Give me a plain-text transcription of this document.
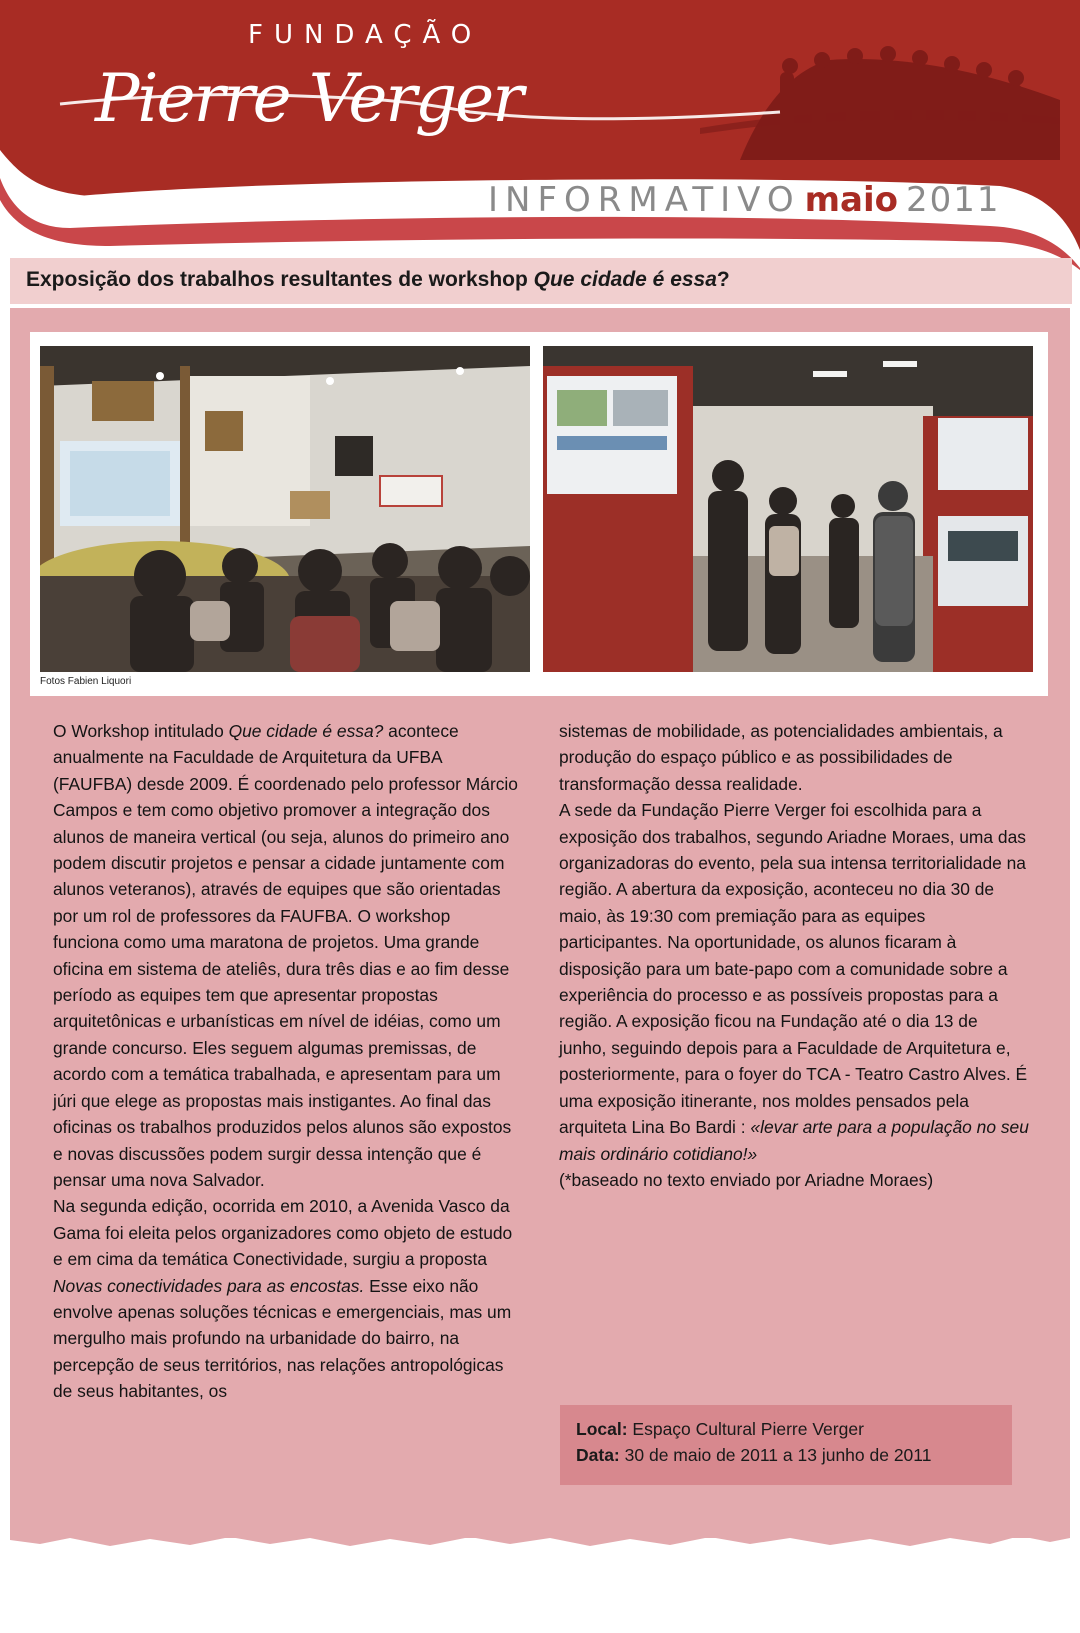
FUNDAÇÃO
Pierre Verger
INFORMATIVO maio 2011
Exposição dos trabalhos resultantes de workshop Que cidade é essa?
Fotos Fabien Liquori

O Workshop intitulado Que cidade é essa? acontece anualmente na Faculdade de Arquitetura da UFBA (FAUFBA) desde 2009. É coordenado pelo professor Márcio Campos e tem como objetivo promover a integração dos alunos de maneira vertical (ou seja, alunos do primeiro ano podem discutir projetos e pensar a cidade juntamente com alunos veteranos), através de equipes que são orientadas por um rol de professores da FAUFBA. O workshop funciona como uma maratona de projetos. Uma grande oficina em sistema de ateliês, dura três dias e ao fim desse período as equipes tem que apresentar propostas arquitetônicas e urbanísticas em nível de idéias, como um grande concurso. Eles seguem algumas premissas, de acordo com a temática trabalhada, e apresentam para um júri que elege as propostas mais instigantes. Ao final das oficinas os trabalhos produzidos pelos alunos são expostos e novas discussões podem surgir dessa intenção que é pensar uma nova Salvador.

Na segunda edição, ocorrida em 2010, a Avenida Vasco da Gama foi eleita pelos organizadores como objeto de estudo e em cima da temática Conectividade, surgiu a proposta Novas conectividades para as encostas. Esse eixo não envolve apenas soluções técnicas e emergenciais, mas um mergulho mais profundo na urbanidade do bairro, na percepção de seus territórios, nas relações antropológicas de seus habitantes, os

sistemas de mobilidade, as potencialidades ambientais, a produção do espaço público e as possibilidades de transformação dessa realidade.

A sede da Fundação Pierre Verger foi escolhida para a exposição dos trabalhos, segundo Ariadne Moraes, uma das organizadoras do evento, pela sua intensa territorialidade na região. A abertura da exposição, aconteceu no dia 30 de maio, às 19:30 com premiação para as equipes participantes. Na oportunidade, os alunos ficaram à disposição para um bate-papo com a comunidade sobre a experiência do processo e as possíveis propostas para a região. A exposição ficou na Fundação até o dia 13 de junho, seguindo depois para a Faculdade de Arquitetura e, posteriormente, para o foyer do TCA - Teatro Castro Alves. É uma exposição itinerante, nos moldes pensados pela arquiteta Lina Bo Bardi : «levar arte para a população no seu mais ordinário cotidiano!»

(*baseado no texto enviado por Ariadne Moraes)

Local: Espaço Cultural Pierre Verger
Data: 30 de maio de 2011 a 13 junho de 2011
